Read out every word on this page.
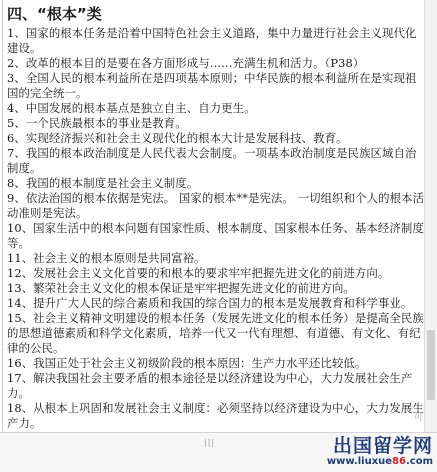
四、“根本”类

1、国家的根本任务是沿着中国特色社会主义道路，集中力量进行社会主义现代化建设。

2、改革的根本目的是要在各方面形成与……充满生机和活力。（P38）

3、全国人民的根本利益所在是四项基本原则；中华民族的根本利益所在是实现祖国的完全统一。

4、中国发展的根本基点是独立自主、自力更生。

5、一个民族最根本的事业是教育。

6、实现经济振兴和社会主义现代化的根本大计是发展科技、教育。

7、我国的根本政治制度是人民代表大会制度。一项基本政治制度是民族区域自治制度。

8、我国的根本制度是社会主义制度。

9、依法治国的根本依据是宪法。 国家的根本**是宪法。 一切组织和个人的根本活动准则是宪法。

10、国家生活中的根本问题有国家性质、根本制度、国家根本任务、基本经济制度等。

11、社会主义的根本原则是共同富裕。

12、发展社会主义文化首要的和根本的要求牢牢把握先进文化的前进方向。

13、繁荣社会主义文化的根本保证是牢牢把握先进文化的前进方向。

14、提升广大人民的综合素质和我国的综合国力的根本是发展教育和科学事业。

15、社会主义精神文明建设的根本任务（发展先进文化的根本任务）是提高全民族的思想道德素质和科学文化素质，培养一代又一代有理想、有道德、有文化、有纪律的公民。

16、我国正处于社会主义初级阶段的根本原因：生产力水平还比较低。

17、解决我国社会主要矛盾的根本途径是以经济建设为中心，大力发展社会生产力。

18、从根本上巩固和发展社会主义制度：必须坚持以经济建设为中心，大力发展生产力。	可
|||	出国留学网
www.liuxue86.com
